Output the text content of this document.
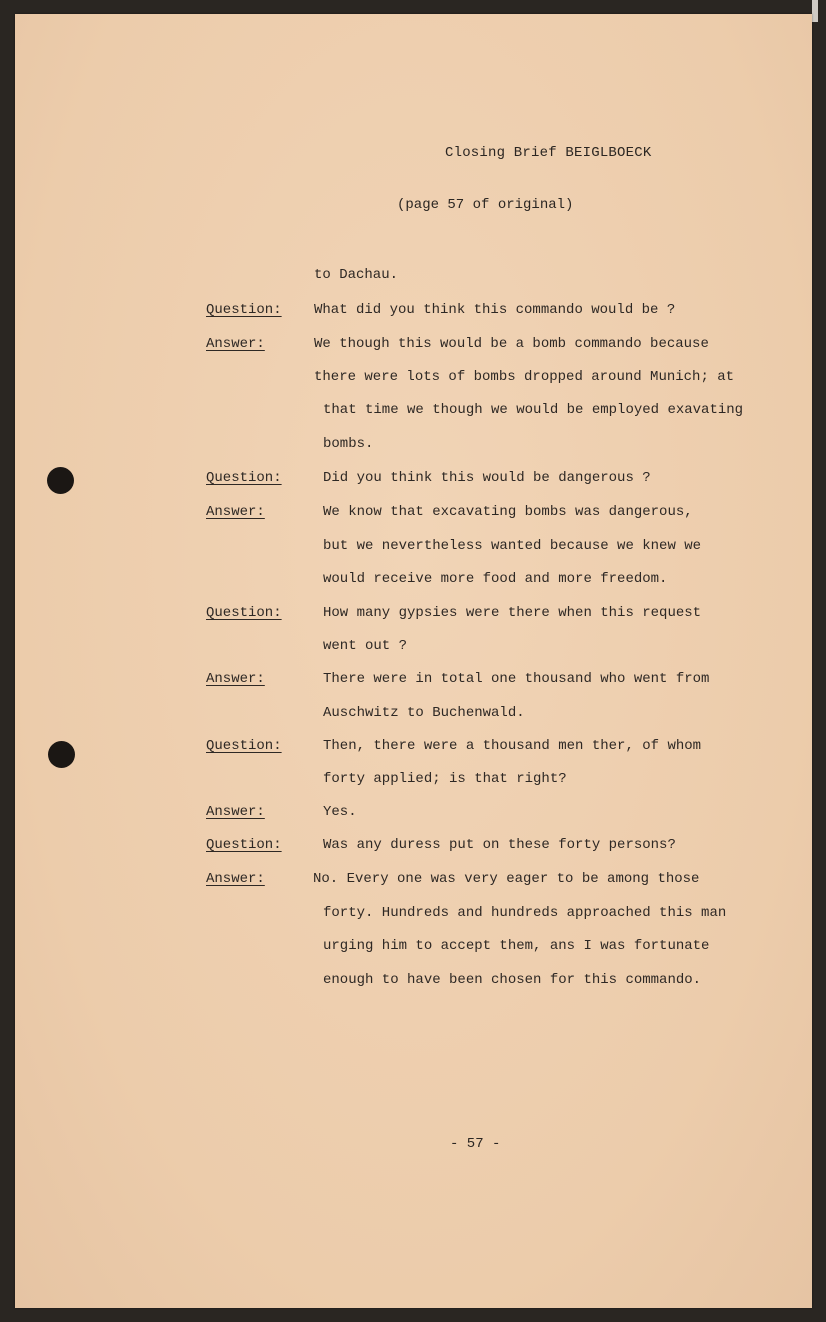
Closing Brief BEIGLBOECK
(page 57 of original)
to Dachau.
Question: What did you think this commando would be ?
Answer:	We though this would be a bomb commando because
there were lots of bombs dropped around Munich; at
that time we though we would be employed exavating
bombs.
Question:	Did you think this would be dangerous ?
Answer:	We know that excavating bombs was dangerous,
but we nevertheless wanted because we knew we
would receive more food and more freedom.
Question:	How many gypsies were there when this request
went out ?
Answer:	There were in total one thousand who went from
Auschwitz to Buchenwald.
Question:	Then, there were a thousand men ther, of whom
forty applied; is that right?
Answer:	Yes.
Question:	Was any duress put on these forty persons?
Answer:	No. Every one was very eager to be among those
forty. Hundreds and hundreds approached this man
urging him to accept them, ans I was fortunate
enough to have been chosen for this commando.
- 57 -
